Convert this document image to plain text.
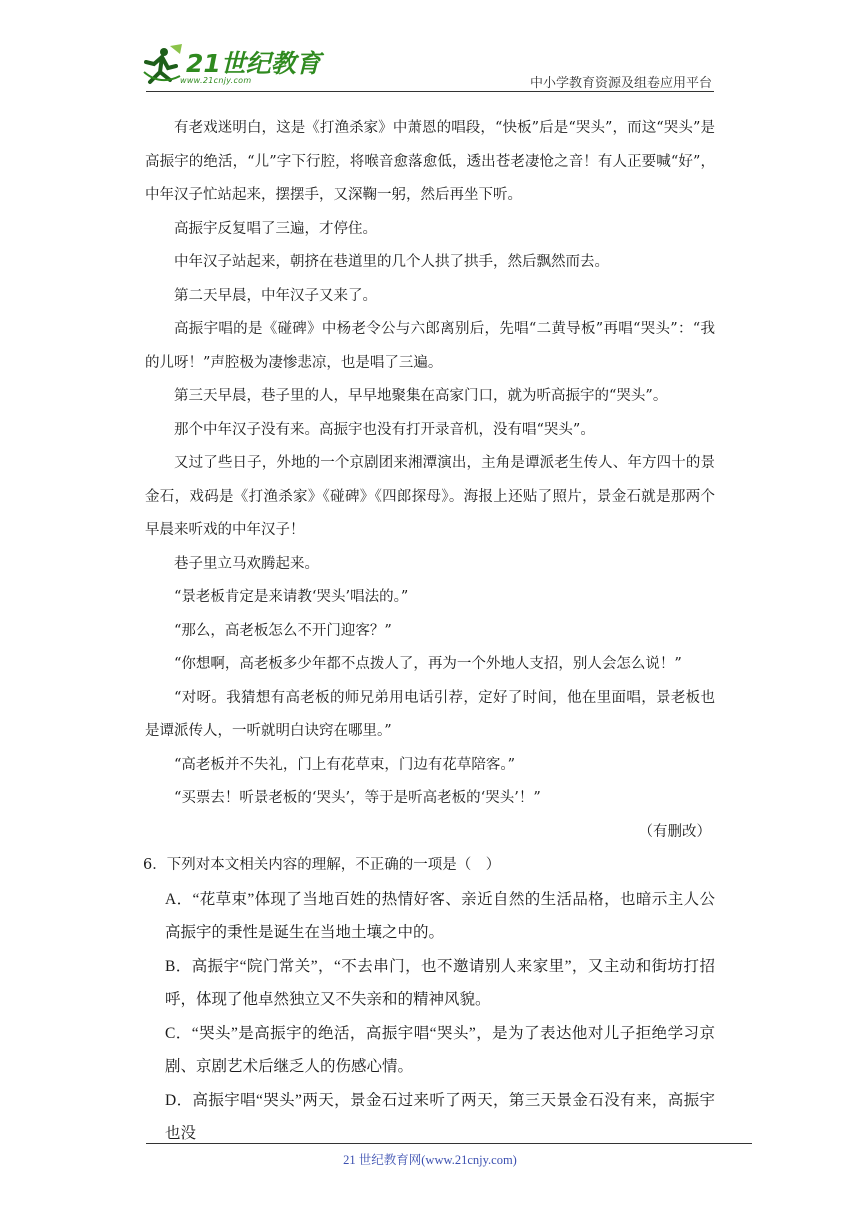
21世纪教育
www.21cnjy.com	中小学教育资源及组卷应用平台

有老戏迷明白，这是《打渔杀家》中萧恩的唱段，“快板”后是“哭头”，而这“哭头”是高振宇的绝活，“儿”字下行腔，将喉音愈落愈低，透出苍老凄怆之音！有人正要喊“好”，中年汉子忙站起来，摆摆手，又深鞠一躬，然后再坐下听。

高振宇反复唱了三遍，才停住。

中年汉子站起来，朝挤在巷道里的几个人拱了拱手，然后飘然而去。

第二天早晨，中年汉子又来了。

高振宇唱的是《碰碑》中杨老令公与六郎离别后，先唱“二黄导板”再唱“哭头”：“我的儿呀！”声腔极为凄惨悲凉，也是唱了三遍。

第三天早晨，巷子里的人，早早地聚集在高家门口，就为听高振宇的“哭头”。

那个中年汉子没有来。高振宇也没有打开录音机，没有唱“哭头”。

又过了些日子，外地的一个京剧团来湘潭演出，主角是谭派老生传人、年方四十的景金石，戏码是《打渔杀家》《碰碑》《四郎探母》。海报上还贴了照片，景金石就是那两个早晨来听戏的中年汉子！

巷子里立马欢腾起来。

“景老板肯定是来请教‘哭头’唱法的。”

“那么，高老板怎么不开门迎客？”

“你想啊，高老板多少年都不点拨人了，再为一个外地人支招，别人会怎么说！”

“对呀。我猜想有高老板的师兄弟用电话引荐，定好了时间，他在里面唱，景老板也是谭派传人，一听就明白诀窍在哪里。”

“高老板并不失礼，门上有花草束，门边有花草陪客。”

“买票去！听景老板的‘哭头’，等于是听高老板的‘哭头’！”

（有删改）

6．下列对本文相关内容的理解，不正确的一项是（　）

A．“花草束”体现了当地百姓的热情好客、亲近自然的生活品格，也暗示主人公高振宇的秉性是诞生在当地土壤之中的。

B．高振宇“院门常关”，“不去串门，也不邀请别人来家里”，又主动和街坊打招呼，体现了他卓然独立又不失亲和的精神风貌。

C．“哭头”是高振宇的绝活，高振宇唱“哭头”，是为了表达他对儿子拒绝学习京剧、京剧艺术后继乏人的伤感心情。

D．高振宇唱“哭头”两天，景金石过来听了两天，第三天景金石没有来，高振宇也没

21 世纪教育网(www.21cnjy.com)
